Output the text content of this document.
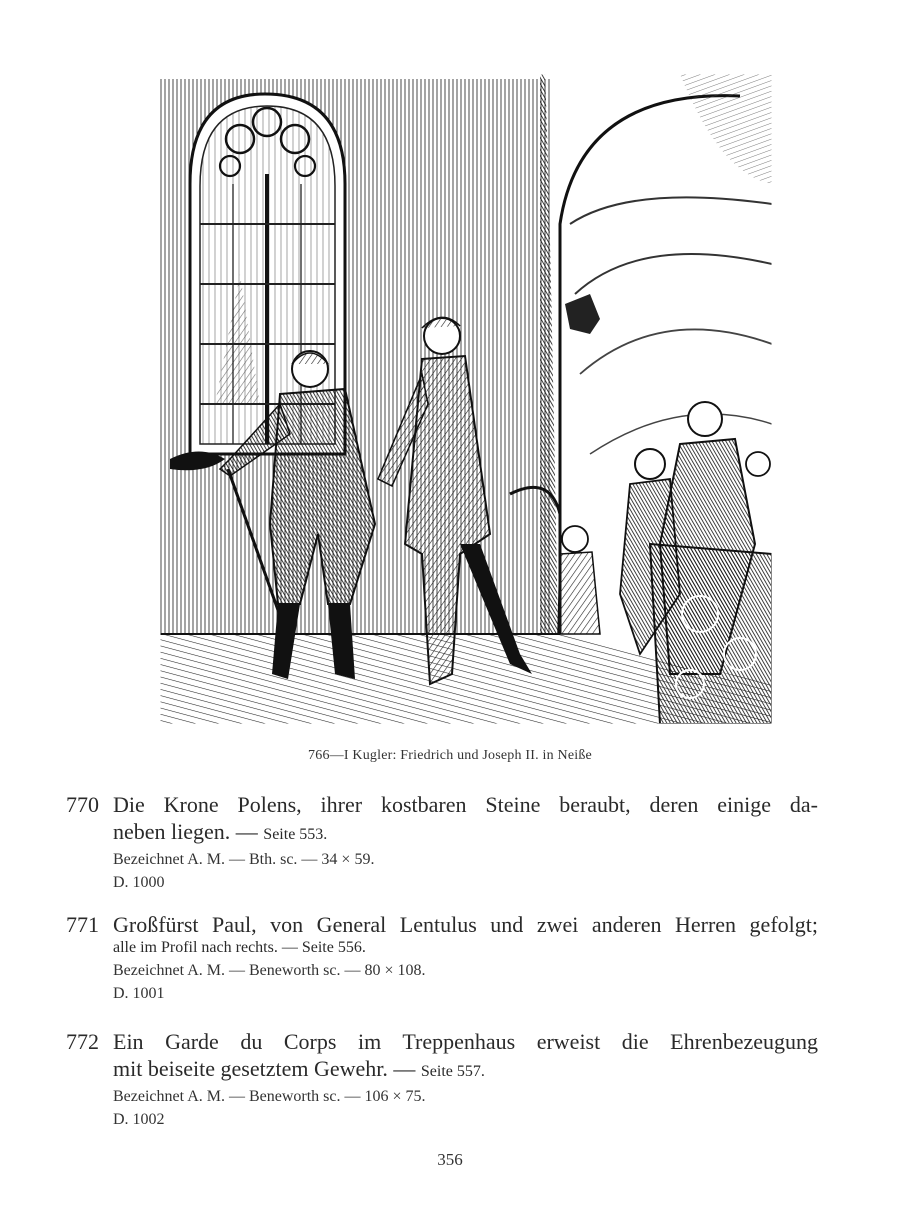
766—I Kugler: Friedrich und Joseph II. in Neiße
770 Die Krone Polens, ihrer kostbaren Steine beraubt, deren einige da-
neben liegen. — Seite 553.
Bezeichnet A. M. — Bth. sc. — 34 × 59.
D. 1000
771 Großfürst Paul, von General Lentulus und zwei anderen Herren gefolgt;
alle im Profil nach rechts. — Seite 556.
Bezeichnet A. M. — Beneworth sc. — 80 × 108.
D. 1001
772 Ein Garde du Corps im Treppenhaus erweist die Ehrenbezeugung
mit beiseite gesetztem Gewehr. — Seite 557.
Bezeichnet A. M. — Beneworth sc. — 106 × 75.
D. 1002
356
